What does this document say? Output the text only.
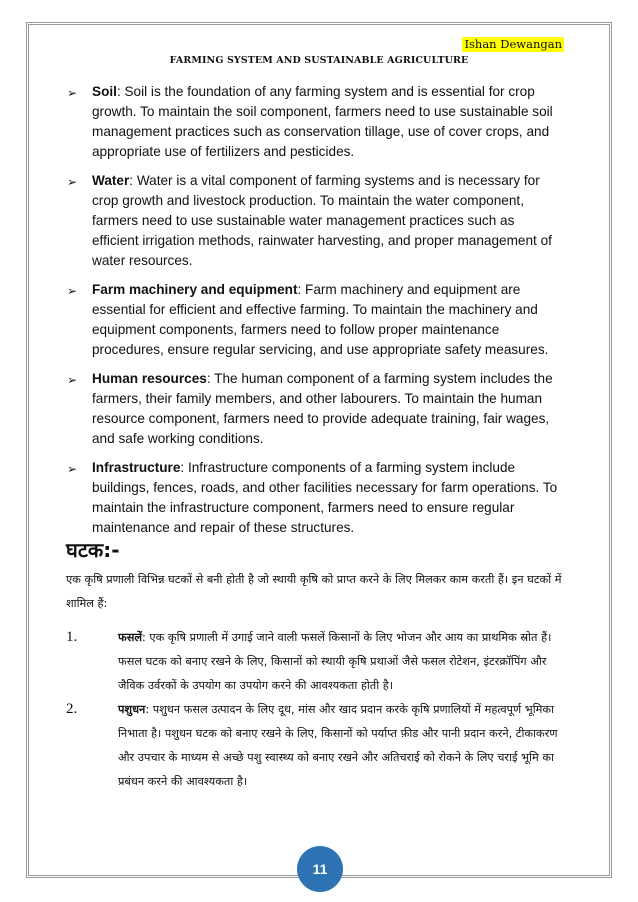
Ishan Dewangan
FARMING SYSTEM AND SUSTAINABLE AGRICULTURE
➢ Soil: Soil is the foundation of any farming system and is essential for crop growth. To maintain the soil component, farmers need to use sustainable soil management practices such as conservation tillage, use of cover crops, and appropriate use of fertilizers and pesticides.
➢ Water: Water is a vital component of farming systems and is necessary for crop growth and livestock production. To maintain the water component, farmers need to use sustainable water management practices such as efficient irrigation methods, rainwater harvesting, and proper management of water resources.
➢ Farm machinery and equipment: Farm machinery and equipment are essential for efficient and effective farming. To maintain the machinery and equipment components, farmers need to follow proper maintenance procedures, ensure regular servicing, and use appropriate safety measures.
➢ Human resources: The human component of a farming system includes the farmers, their family members, and other labourers. To maintain the human resource component, farmers need to provide adequate training, fair wages, and safe working conditions.
➢ Infrastructure: Infrastructure components of a farming system include buildings, fences, roads, and other facilities necessary for farm operations. To maintain the infrastructure component, farmers need to ensure regular maintenance and repair of these structures.
घटक:-
एक कृषि प्रणाली विभिन्न घटकों से बनी होती है जो स्थायी कृषि को प्राप्त करने के लिए मिलकर काम करती हैं। इन घटकों में शामिल हैं:
1.	फसलें: एक कृषि प्रणाली में उगाई जाने वाली फसलें किसानों के लिए भोजन और आय का प्राथमिक स्रोत हैं। फसल घटक को बनाए रखने के लिए, किसानों को स्थायी कृषि प्रथाओं जैसे फसल रोटेशन, इंटरक्रॉपिंग और जैविक उर्वरकों के उपयोग का उपयोग करने की आवश्यकता होती है।
2.	पशुधन: पशुधन फसल उत्पादन के लिए दूध, मांस और खाद प्रदान करके कृषि प्रणालियों में महत्वपूर्ण भूमिका निभाता है। पशुधन घटक को बनाए रखने के लिए, किसानों को पर्याप्त फ़ीड और पानी प्रदान करने, टीकाकरण और उपचार के माध्यम से अच्छे पशु स्वास्थ्य को बनाए रखने और अतिचराई को रोकने के लिए चराई भूमि का प्रबंधन करने की आवश्यकता है।
11
